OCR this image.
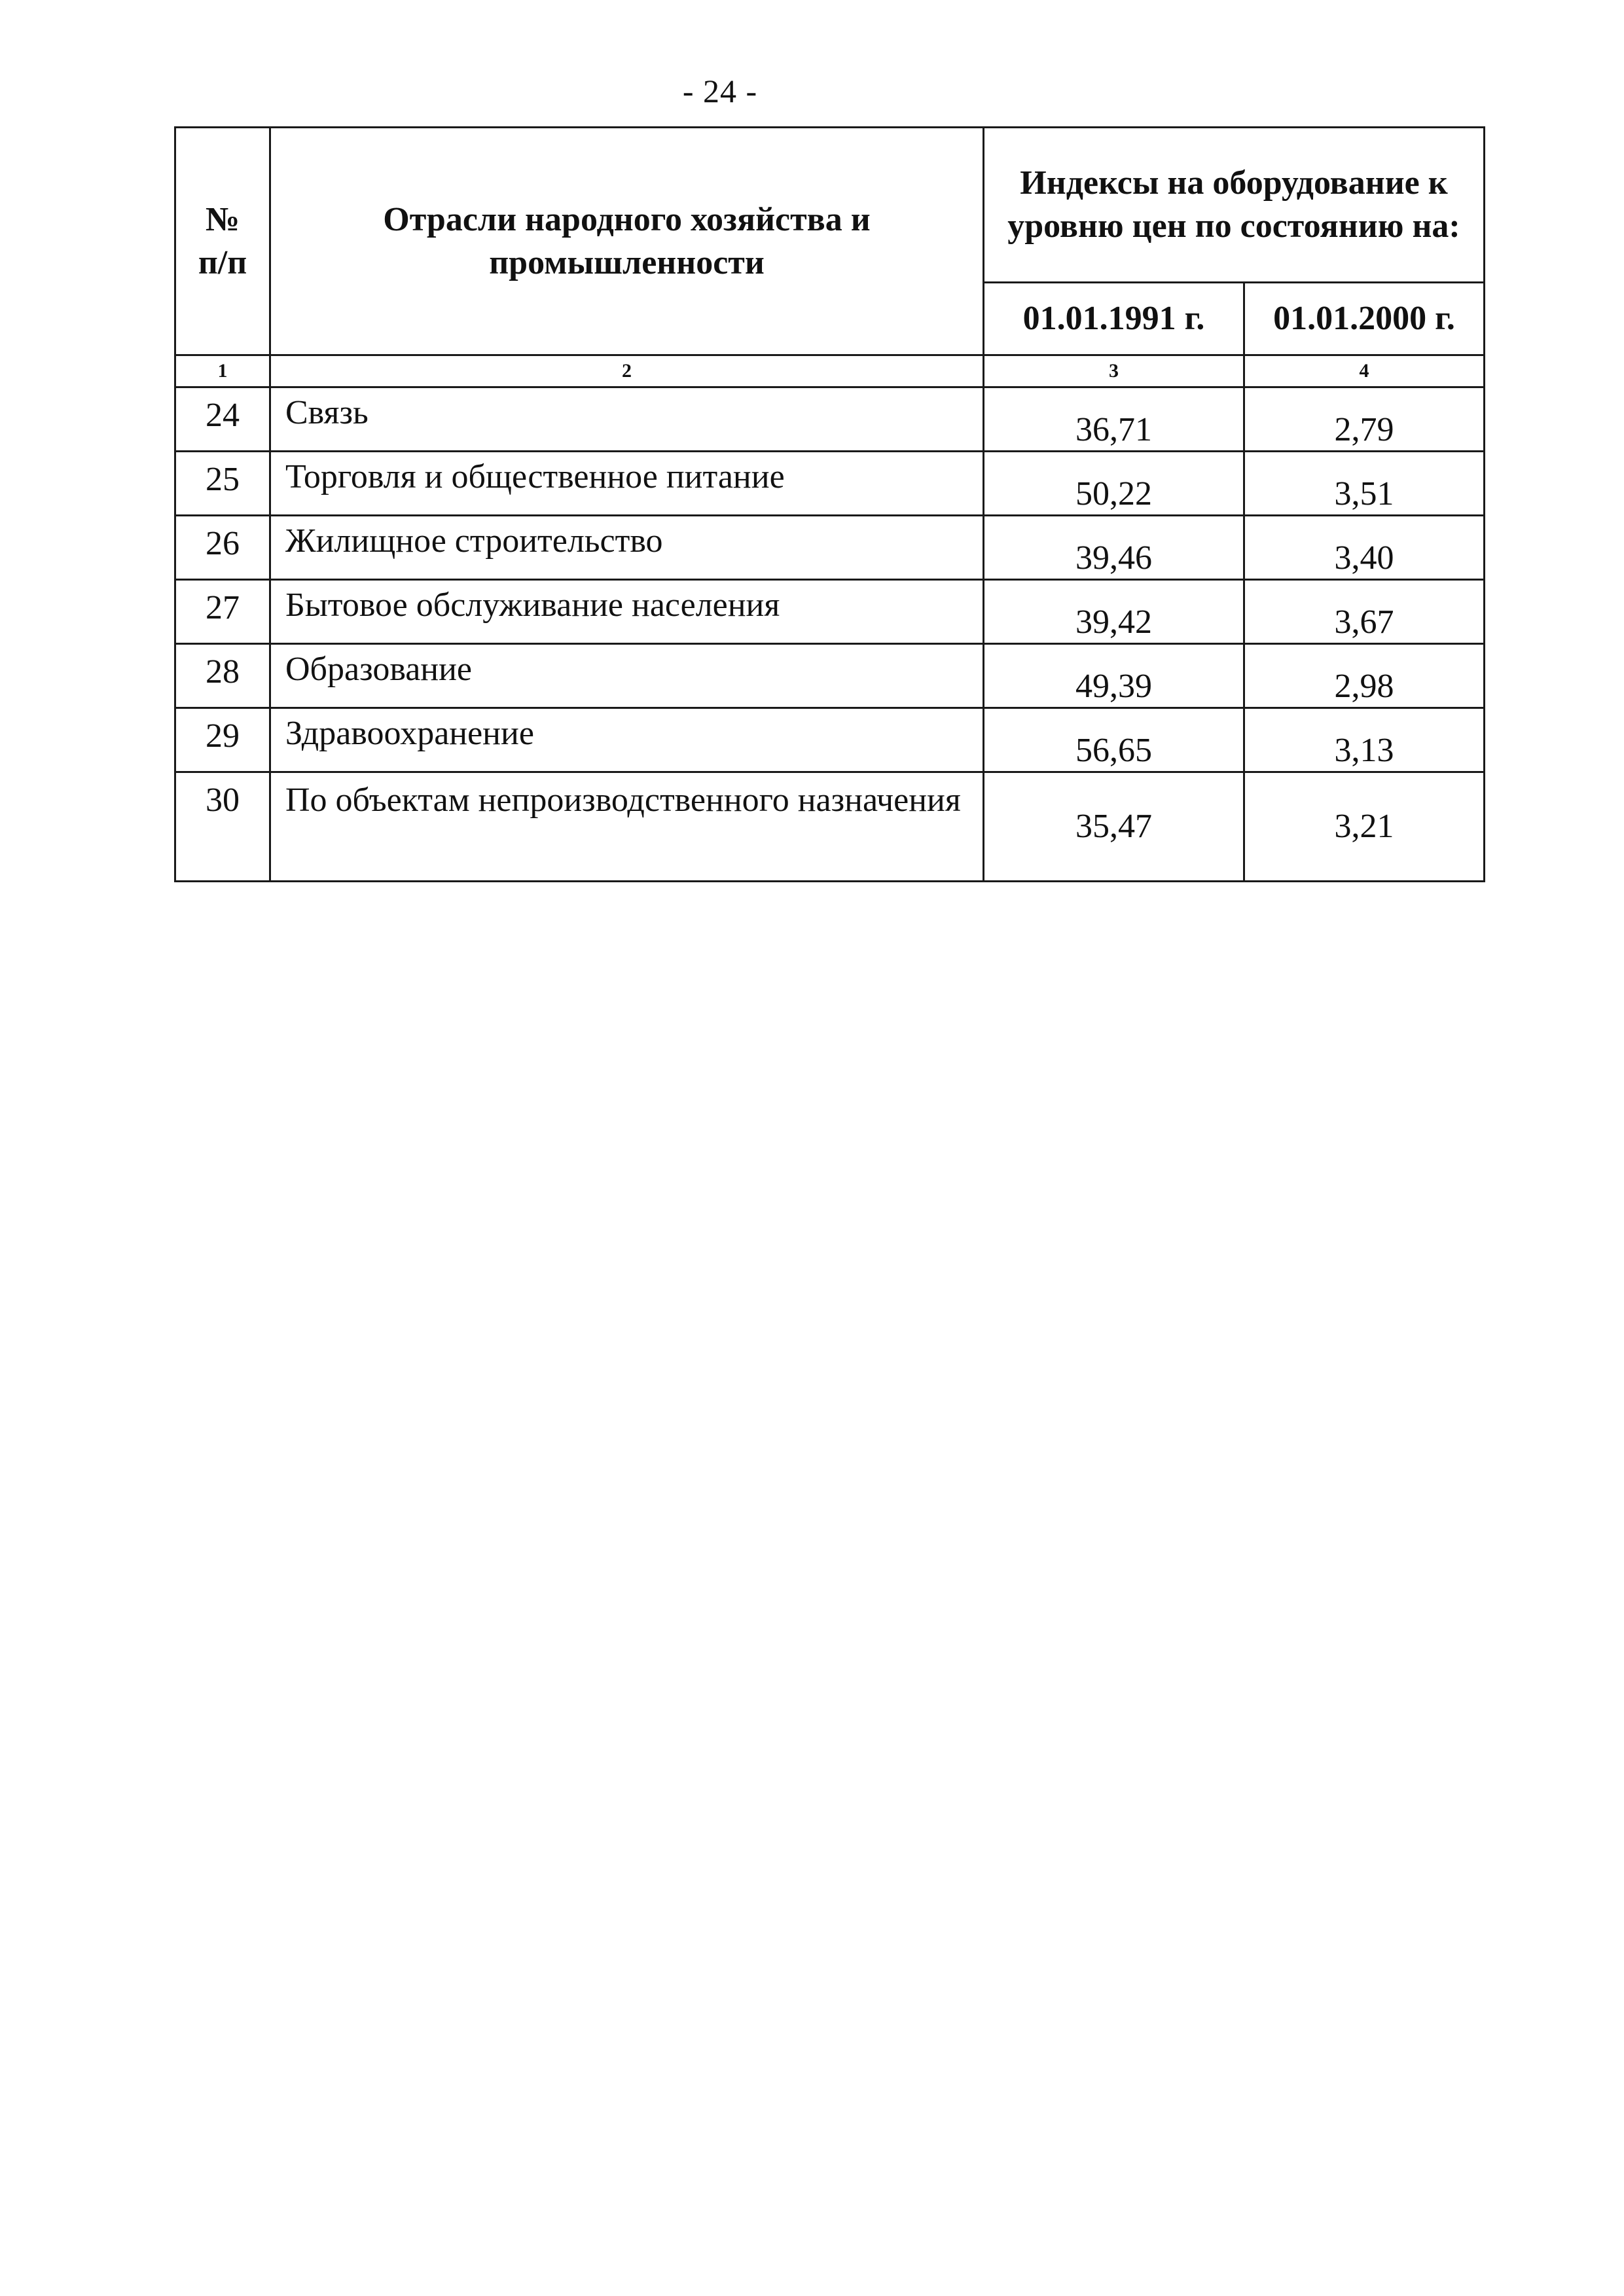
- 24 -
№
п/п	Отрасли народного хозяйства и промышленности	Индексы на оборудование к уровню цен по состоянию на:	
		01.01.1991 г.	01.01.2000 г.
1	2	3	4
24	Связь	36,71	2,79
25	Торговля и общественное питание	50,22	3,51
26	Жилищное строительство	39,46	3,40
27	Бытовое обслуживание населения	39,42	3,67
28	Образование	49,39	2,98
29	Здравоохранение	56,65	3,13
30	По объектам непроизводственного назначения	35,47	3,21
